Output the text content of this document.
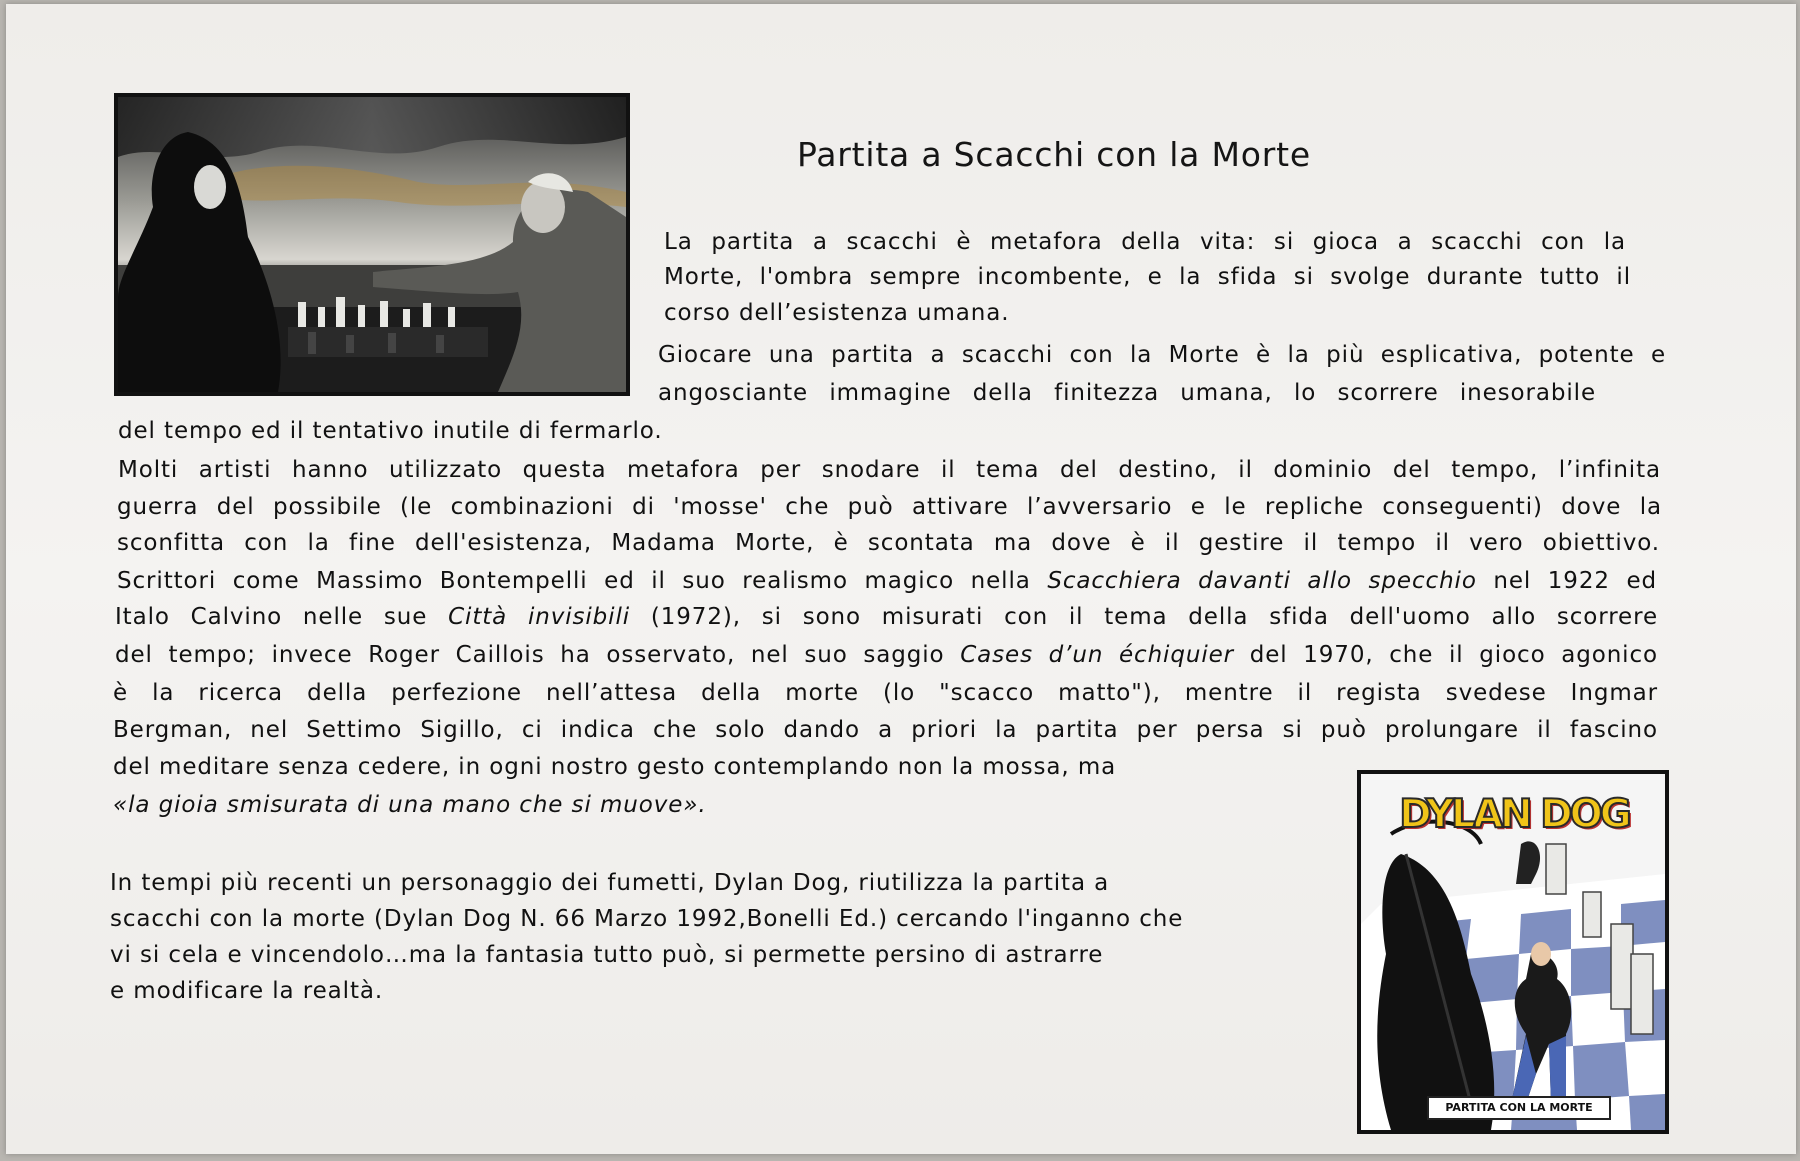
DYLAN DOG
PARTITA CON LA MORTE
Partita a Scacchi con la Morte
La partita a scacchi è metafora della vita: si gioca a scacchi con la
Morte, l'ombra sempre incombente, e la sfida si svolge durante tutto il
corso dell’esistenza umana.
Giocare una partita a scacchi con la Morte è la più esplicativa, potente e
angosciante immagine della finitezza umana, lo scorrere inesorabile
del tempo ed il tentativo inutile di fermarlo.
Molti artisti hanno utilizzato questa metafora per snodare il tema del destino, il dominio del tempo, l’infinita
guerra del possibile (le combinazioni di 'mosse' che può attivare l’avversario e le repliche conseguenti) dove la
sconfitta con la fine dell'esistenza, Madama Morte, è scontata ma dove è il gestire il tempo il vero obiettivo.
Scrittori come Massimo Bontempelli ed il suo realismo magico nella Scacchiera davanti allo specchio nel 1922 ed
Italo Calvino nelle sue Città invisibili (1972), si sono misurati con il tema della sfida dell'uomo allo scorrere
del tempo; invece Roger Caillois ha osservato, nel suo saggio Cases d’un échiquier del 1970, che il gioco agonico
è la ricerca della perfezione nell’attesa della morte (lo "scacco matto"), mentre il regista svedese Ingmar
Bergman, nel Settimo Sigillo, ci indica che solo dando a priori la partita per persa si può prolungare il fascino
del meditare senza cedere, in ogni nostro gesto contemplando non la mossa, ma
«la gioia smisurata di una mano che si muove».
In tempi più recenti un personaggio dei fumetti, Dylan Dog, riutilizza la partita a
scacchi con la morte (Dylan Dog N. 66 Marzo 1992,Bonelli Ed.) cercando l'inganno che
vi si cela e vincendolo…ma la fantasia tutto può, si permette persino di astrarre
e modificare la realtà.
